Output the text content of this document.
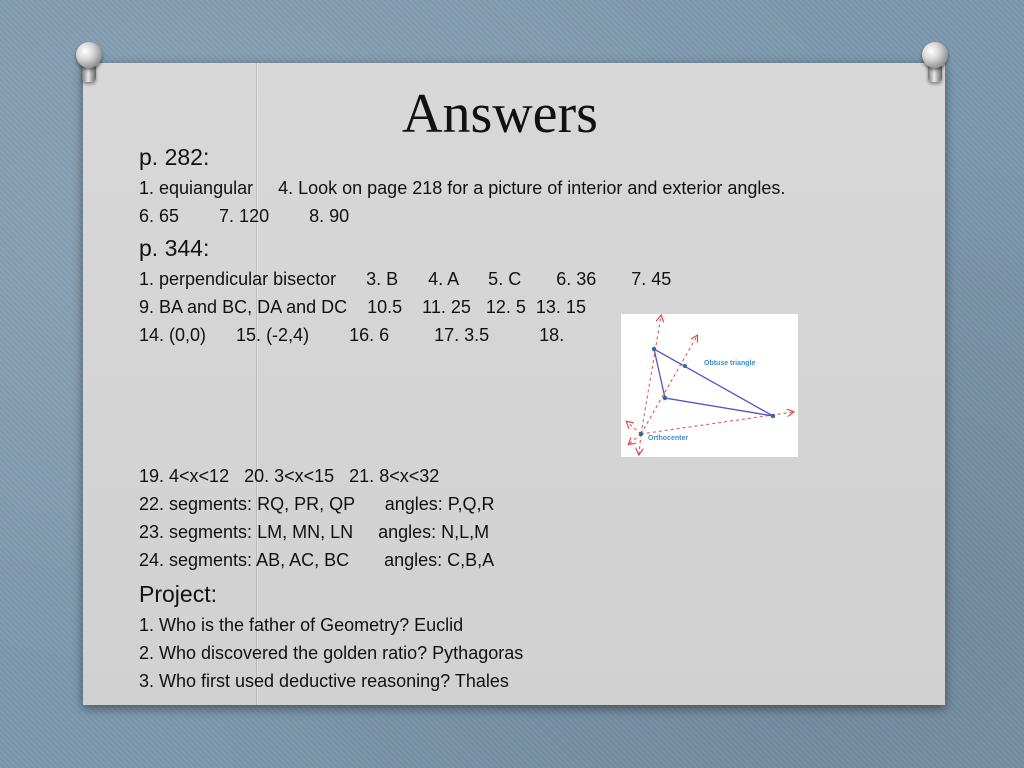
Answers
p. 282:
1. equiangular     4. Look on page 218 for a picture of interior and exterior angles.
6. 65        7. 120        8. 90
p. 344:
1. perpendicular bisector      3. B      4. A      5. C       6. 36       7. 45
9. BA and BC, DA and DC    10.5    11. 25   12. 5  13. 15
14. (0,0)      15. (-2,4)        16. 6         17. 3.5          18.
Obtuse triangle
Orthocenter
19. 4<x<12   20. 3<x<15   21. 8<x<32
22. segments: RQ, PR, QP      angles: P,Q,R
23. segments: LM, MN, LN     angles: N,L,M
24. segments: AB, AC, BC       angles: C,B,A
Project:
1. Who is the father of Geometry? Euclid
2. Who discovered the golden ratio? Pythagoras
3. Who first used deductive reasoning? Thales
